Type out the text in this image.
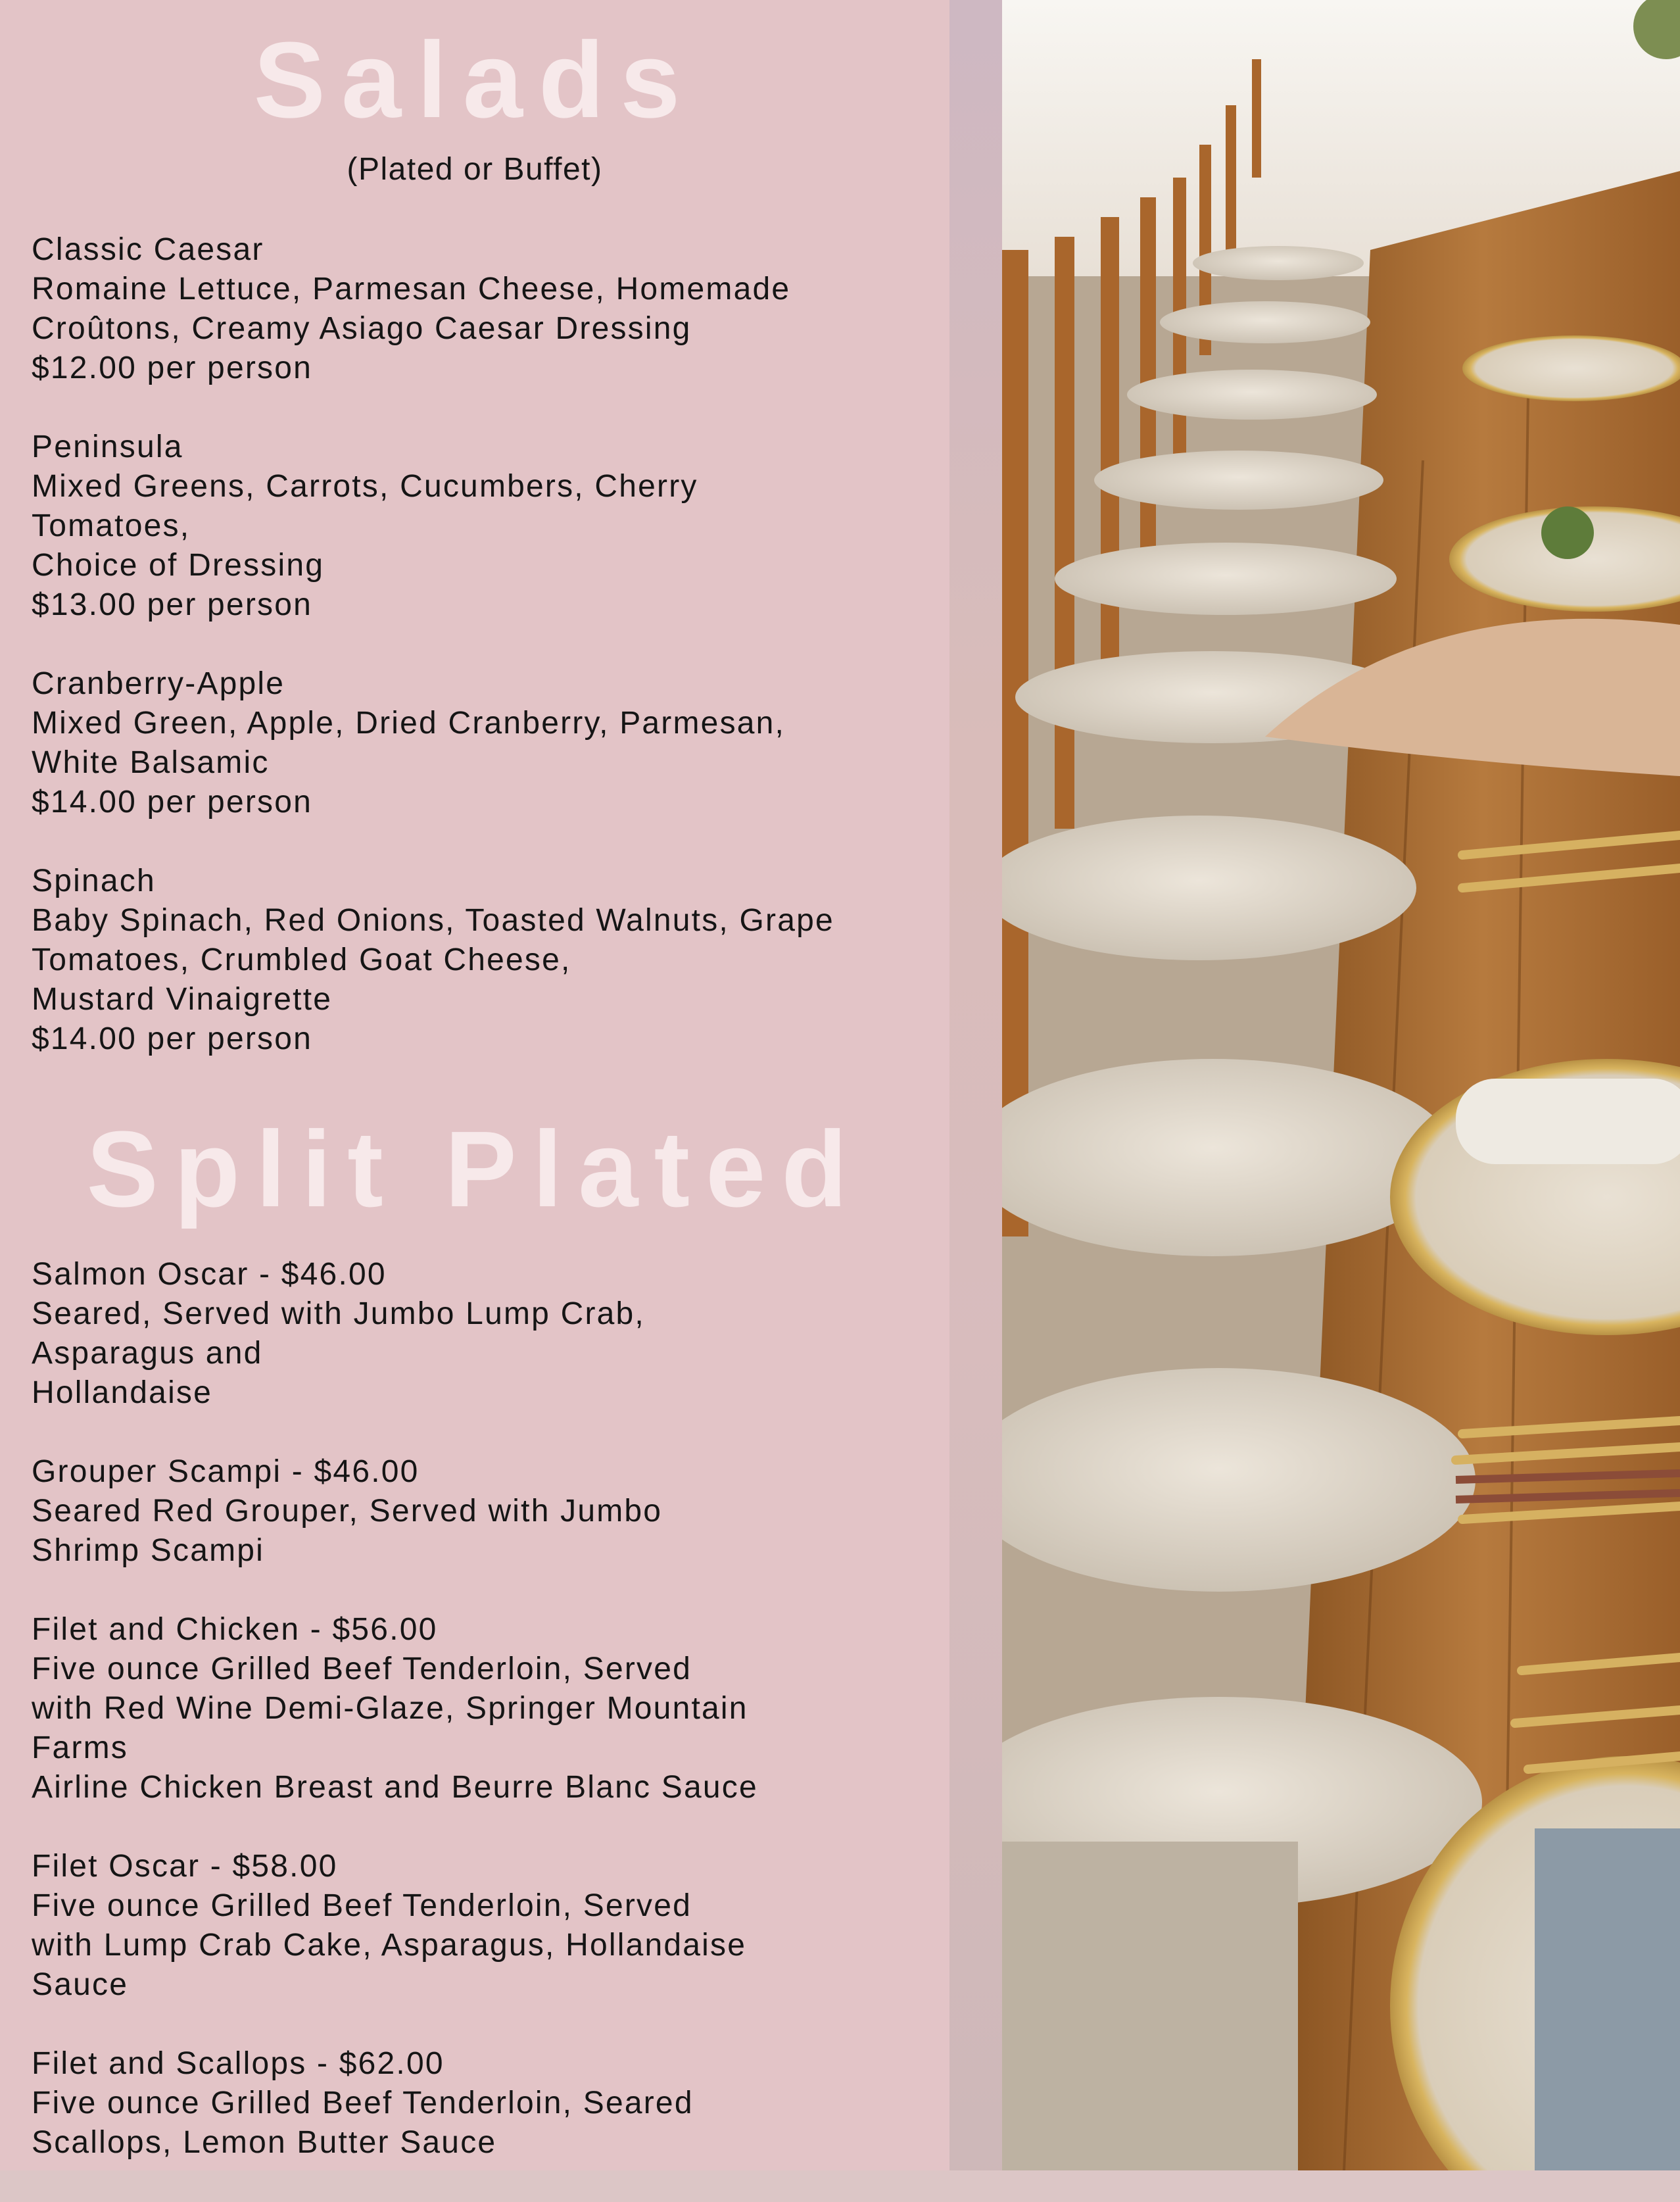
Salads
(Plated or Buffet)
Classic Caesar
Romaine Lettuce, Parmesan Cheese, Homemade
Croûtons, Creamy Asiago Caesar Dressing
$12.00 per person
Peninsula
Mixed Greens, Carrots, Cucumbers, Cherry
Tomatoes,
Choice of Dressing
$13.00 per person
Cranberry-Apple
Mixed Green, Apple, Dried Cranberry, Parmesan,
White Balsamic
$14.00 per person
Spinach
Baby Spinach, Red Onions, Toasted Walnuts, Grape
Tomatoes, Crumbled Goat Cheese,
Mustard Vinaigrette
$14.00 per person
Split Plated
Salmon Oscar - $46.00
Seared, Served with Jumbo Lump Crab,
Asparagus and
Hollandaise
Grouper Scampi - $46.00
Seared Red Grouper, Served with Jumbo
Shrimp Scampi
Filet and Chicken - $56.00
Five ounce Grilled Beef Tenderloin, Served
with Red Wine Demi-Glaze, Springer Mountain
Farms
Airline Chicken Breast and Beurre Blanc Sauce
Filet Oscar - $58.00
Five ounce Grilled Beef Tenderloin, Served
with Lump Crab Cake, Asparagus, Hollandaise
Sauce
Filet and Scallops - $62.00
Five ounce Grilled Beef Tenderloin, Seared
Scallops, Lemon Butter Sauce
